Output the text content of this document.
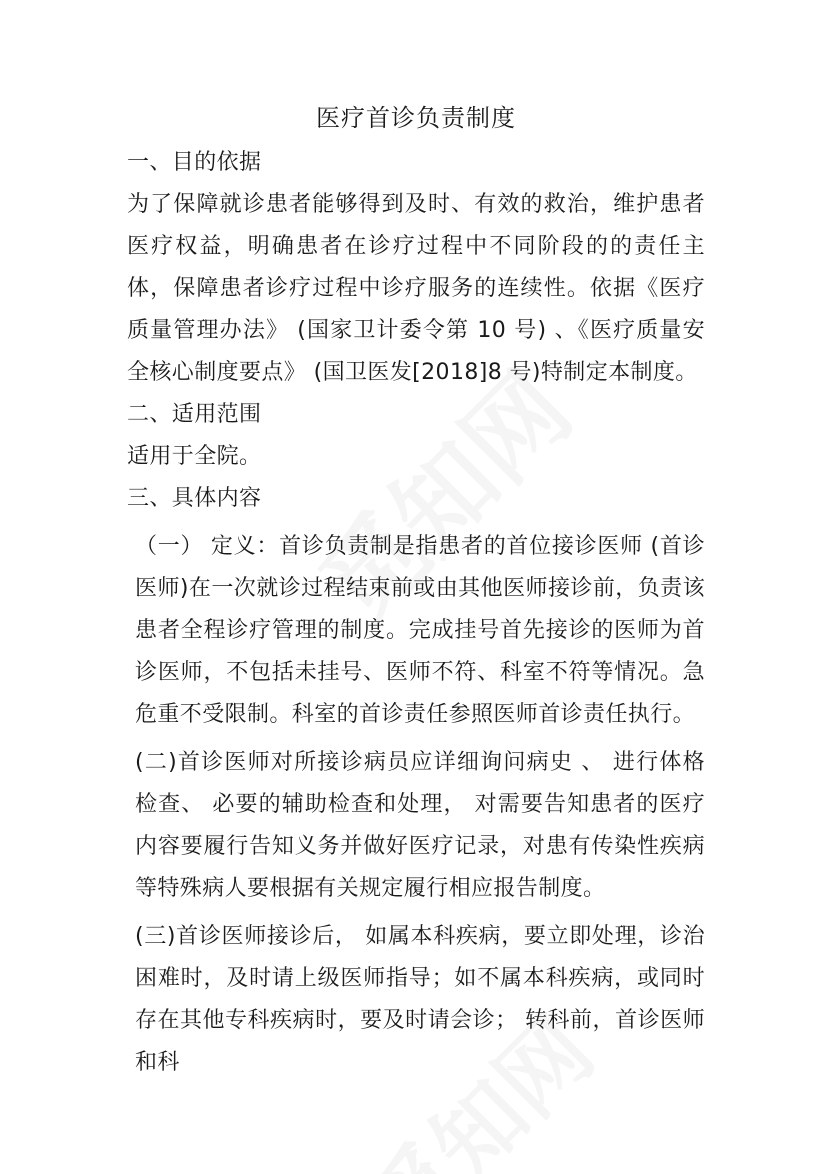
医疗首诊负责制度

一、目的依据

为了保障就诊患者能够得到及时、有效的救治，维护患者医疗权益，明确患者在诊疗过程中不同阶段的的责任主体，保障患者诊疗过程中诊疗服务的连续性。依据《医疗质量管理办法》 (国家卫计委令第 10 号) 、《医疗质量安全核心制度要点》 (国卫医发[2018]8 号)特制定本制度。

二、适用范围

适用于全院。

三、具体内容

（一） 定义：首诊负责制是指患者的首位接诊医师 (首诊医师)在一次就诊过程结束前或由其他医师接诊前，负责该患者全程诊疗管理的制度。完成挂号首先接诊的医师为首诊医师，不包括未挂号、医师不符、科室不符等情况。急危重不受限制。科室的首诊责任参照医师首诊责任执行。

(二)首诊医师对所接诊病员应详细询问病史 、 进行体格检查、 必要的辅助检查和处理， 对需要告知患者的医疗内容要履行告知义务并做好医疗记录，对患有传染性疾病等特殊病人要根据有关规定履行相应报告制度。

(三)首诊医师接诊后， 如属本科疾病，要立即处理，诊治困难时，及时请上级医师指导；如不属本科疾病，或同时存在其他专科疾病时，要及时请会诊； 转科前，首诊医师和科
